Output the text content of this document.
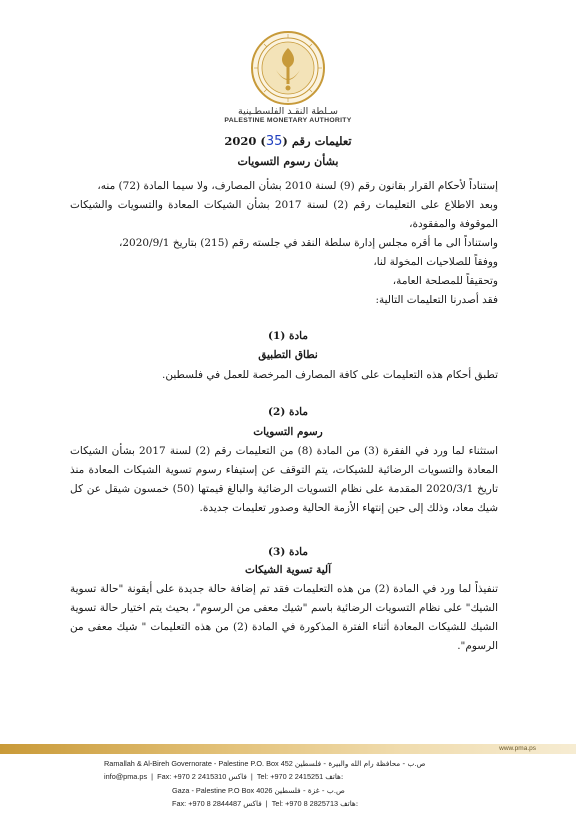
سـلطة النقـد الفلسطـينية
PALESTINE MONETARY AUTHORITY
تعليمات رقم (35) 2020
بشأن رسوم التسويات

إستناداً لأحكام القرار بقانون رقم (9) لسنة 2010 بشأن المصارف، ولا سيما المادة (72) منه،

وبعد الاطلاع على التعليمات رقم (2) لسنة 2017 بشأن الشيكات المعادة والتسويات والشيكات الموقوفة والمفقودة،

واستناداً الى ما أقره مجلس إدارة سلطة النقد في جلسته رقم (215) بتاريخ 2020/9/1،

ووفقاً للصلاحيات المخولة لنا،

وتحقيقاً للمصلحة العامة،

فقد أصدرنا التعليمات التالية:

مادة (1)
نطاق التطبيق
تطبق أحكام هذه التعليمات على كافة المصارف المرخصة للعمل في فلسطين.
مادة (2)
رسوم التسويات
استثناء لما ورد في الفقرة (3) من المادة (8) من التعليمات رقم (2) لسنة 2017 بشأن الشيكات المعادة والتسويات الرضائية للشيكات، يتم التوقف عن إستيفاء رسوم تسوية الشيكات المعادة منذ تاريخ 2020/3/1 المقدمة على نظام التسويات الرضائية والبالغ قيمتها (50) خمسون شيقل عن كل شيك معاد، وذلك إلى حين إنتهاء الأزمة الحالية وصدور تعليمات جديدة.
مادة (3)
آلية تسوية الشيكات
تنفيذاً لما ورد في المادة (2) من هذه التعليمات فقد تم إضافة حالة جديدة على أيقونة "حالة تسوية الشيك" على نظام التسويات الرضائية باسم "شيك معفى من الرسوم"، بحيث يتم اختيار حالة تسوية الشيك للشيكات المعادة أثناء الفترة المذكورة في المادة (2) من هذه التعليمات " شيك معفى من الرسوم".
www.pma.ps
Ramallah & Al-Bireh Governorate - Palestine P.O. Box 452 ص.ب - محافظة رام الله والبيرة - فلسطين
info@pma.ps  |  Fax: +970 2 2415310 فاكس  |  Tel: +970 2 2415251 هاتف:
Gaza - Palestine P.O Box 4026 ص.ب - غزة - فلسطين
Fax: +970 8 2844487 فاكس  |  Tel: +970 8 2825713 هاتف:
